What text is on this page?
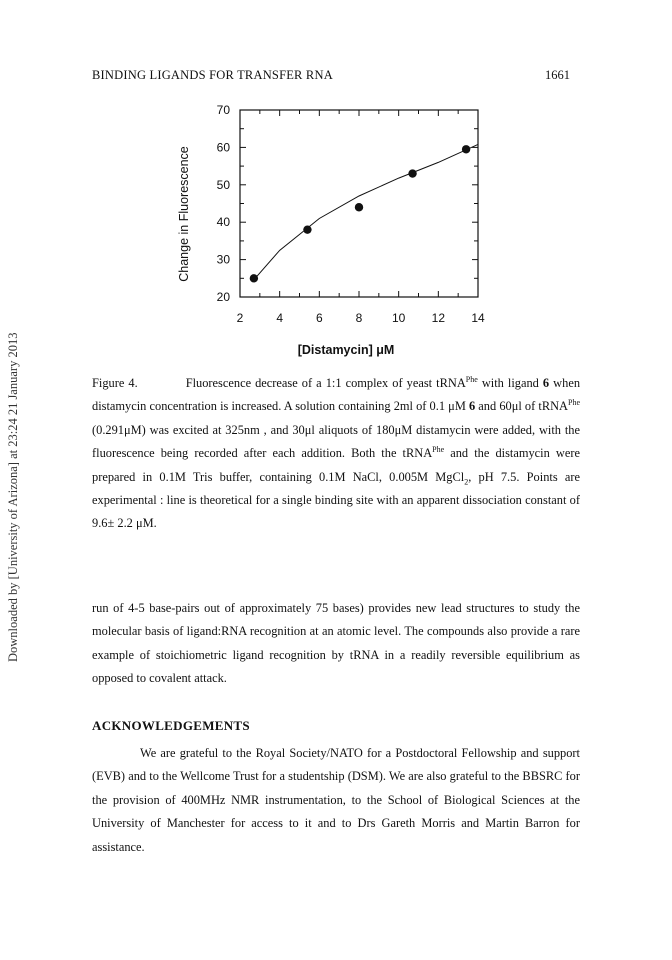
BINDING LIGANDS FOR TRANSFER RNA	1661
Downloaded by [University of Arizona] at 23:24 21 January 2013
2	4	6	8 10 12 14
20
30
40
50
60
70
[Distamycin] μM
Change in Fluorescence
Figure 4.	Fluorescence decrease of a 1:1 complex of yeast tRNA$^{Phe}$ with ligand 6 when distamycin concentration is increased. A solution containing 2ml of 0.1 μM 6 and 60μl of tRNA$^{Phe}$ (0.291μM) was excited at 325nm , and 30μl aliquots of 180μM distamycin were added, with the fluorescence being recorded after each addition. Both the tRNA$^{Phe}$ and the distamycin were prepared in 0.1M Tris buffer, containing 0.1M NaCl, 0.005M MgCl$_2$, pH 7.5. Points are experimental : line is theoretical for a single binding site with an apparent dissociation constant of 9.6± 2.2 μM.

run of 4-5 base-pairs out of approximately 75 bases) provides new lead structures to study the molecular basis of ligand:RNA recognition at an atomic level. The compounds also provide a rare example of stoichiometric ligand recognition by tRNA in a readily reversible equilibrium as opposed to covalent attack.

ACKNOWLEDGEMENTS

We are grateful to the Royal Society/NATO for a Postdoctoral Fellowship and support (EVB) and to the Wellcome Trust for a studentship (DSM). We are also grateful to the BBSRC for the provision of 400MHz NMR instrumentation, to the School of Biological Sciences at the University of Manchester for access to it and to Drs Gareth Morris and Martin Barron for assistance.
